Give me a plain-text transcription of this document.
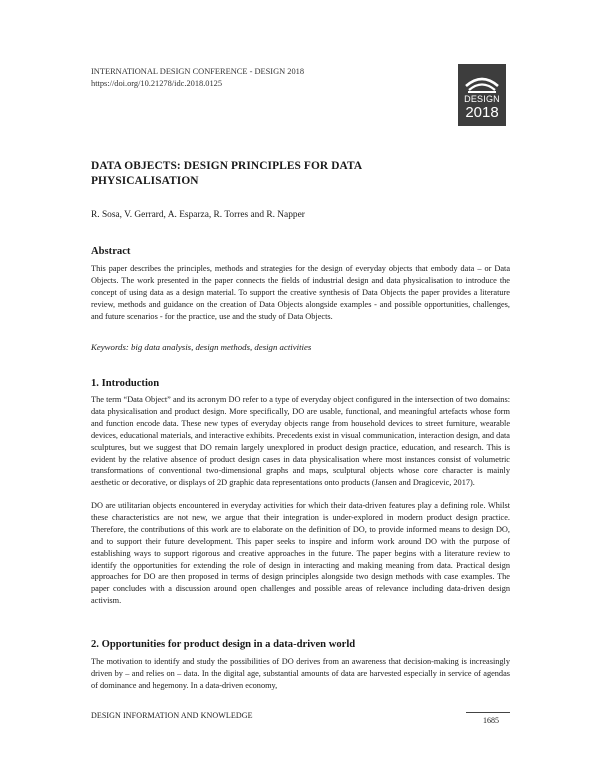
INTERNATIONAL DESIGN CONFERENCE - DESIGN 2018
https://doi.org/10.21278/idc.2018.0125
DESIGN
2018
DATA OBJECTS: DESIGN PRINCIPLES FOR DATA PHYSICALISATION
R. Sosa, V. Gerrard, A. Esparza, R. Torres and R. Napper
Abstract

This paper describes the principles, methods and strategies for the design of everyday objects that embody data – or Data Objects. The work presented in the paper connects the fields of industrial design and data physicalisation to introduce the concept of using data as a design material. To support the creative synthesis of Data Objects the paper provides a literature review, methods and guidance on the creation of Data Objects alongside examples - and possible opportunities, challenges, and future scenarios - for the practice, use and the study of Data Objects.

Keywords: big data analysis, design methods, design activities
1. Introduction

The term “Data Object” and its acronym DO refer to a type of everyday object configured in the intersection of two domains: data physicalisation and product design. More specifically, DO are usable, functional, and meaningful artefacts whose form and function encode data. These new types of everyday objects range from household devices to street furniture, wearable devices, educational materials, and interactive exhibits. Precedents exist in visual communication, interaction design, and data sculptures, but we suggest that DO remain largely unexplored in product design practice, education, and research. This is evident by the relative absence of product design cases in data physicalisation where most instances consist of volumetric transformations of conventional two-dimensional graphs and maps, sculptural objects whose core character is mainly aesthetic or decorative, or displays of 2D graphic data representations onto products (Jansen and Dragicevic, 2017).

DO are utilitarian objects encountered in everyday activities for which their data-driven features play a defining role. Whilst these characteristics are not new, we argue that their integration is under-explored in modern product design practice. Therefore, the contributions of this work are to elaborate on the definition of DO, to provide informed means to design DO, and to support their future development. This paper seeks to inspire and inform work around DO with the purpose of establishing ways to support rigorous and creative approaches in the future. The paper begins with a literature review to identify the opportunities for extending the role of design in interacting and making meaning from data. Practical design approaches for DO are then proposed in terms of design principles alongside two design methods with case examples. The paper concludes with a discussion around open challenges and possible areas of relevance including data-driven design activism.

2. Opportunities for product design in a data-driven world

The motivation to identify and study the possibilities of DO derives from an awareness that decision-making is increasingly driven by – and relies on – data. In the digital age, substantial amounts of data are harvested especially in service of agendas of dominance and hegemony. In a data-driven economy,

DESIGN INFORMATION AND KNOWLEDGE
1685
